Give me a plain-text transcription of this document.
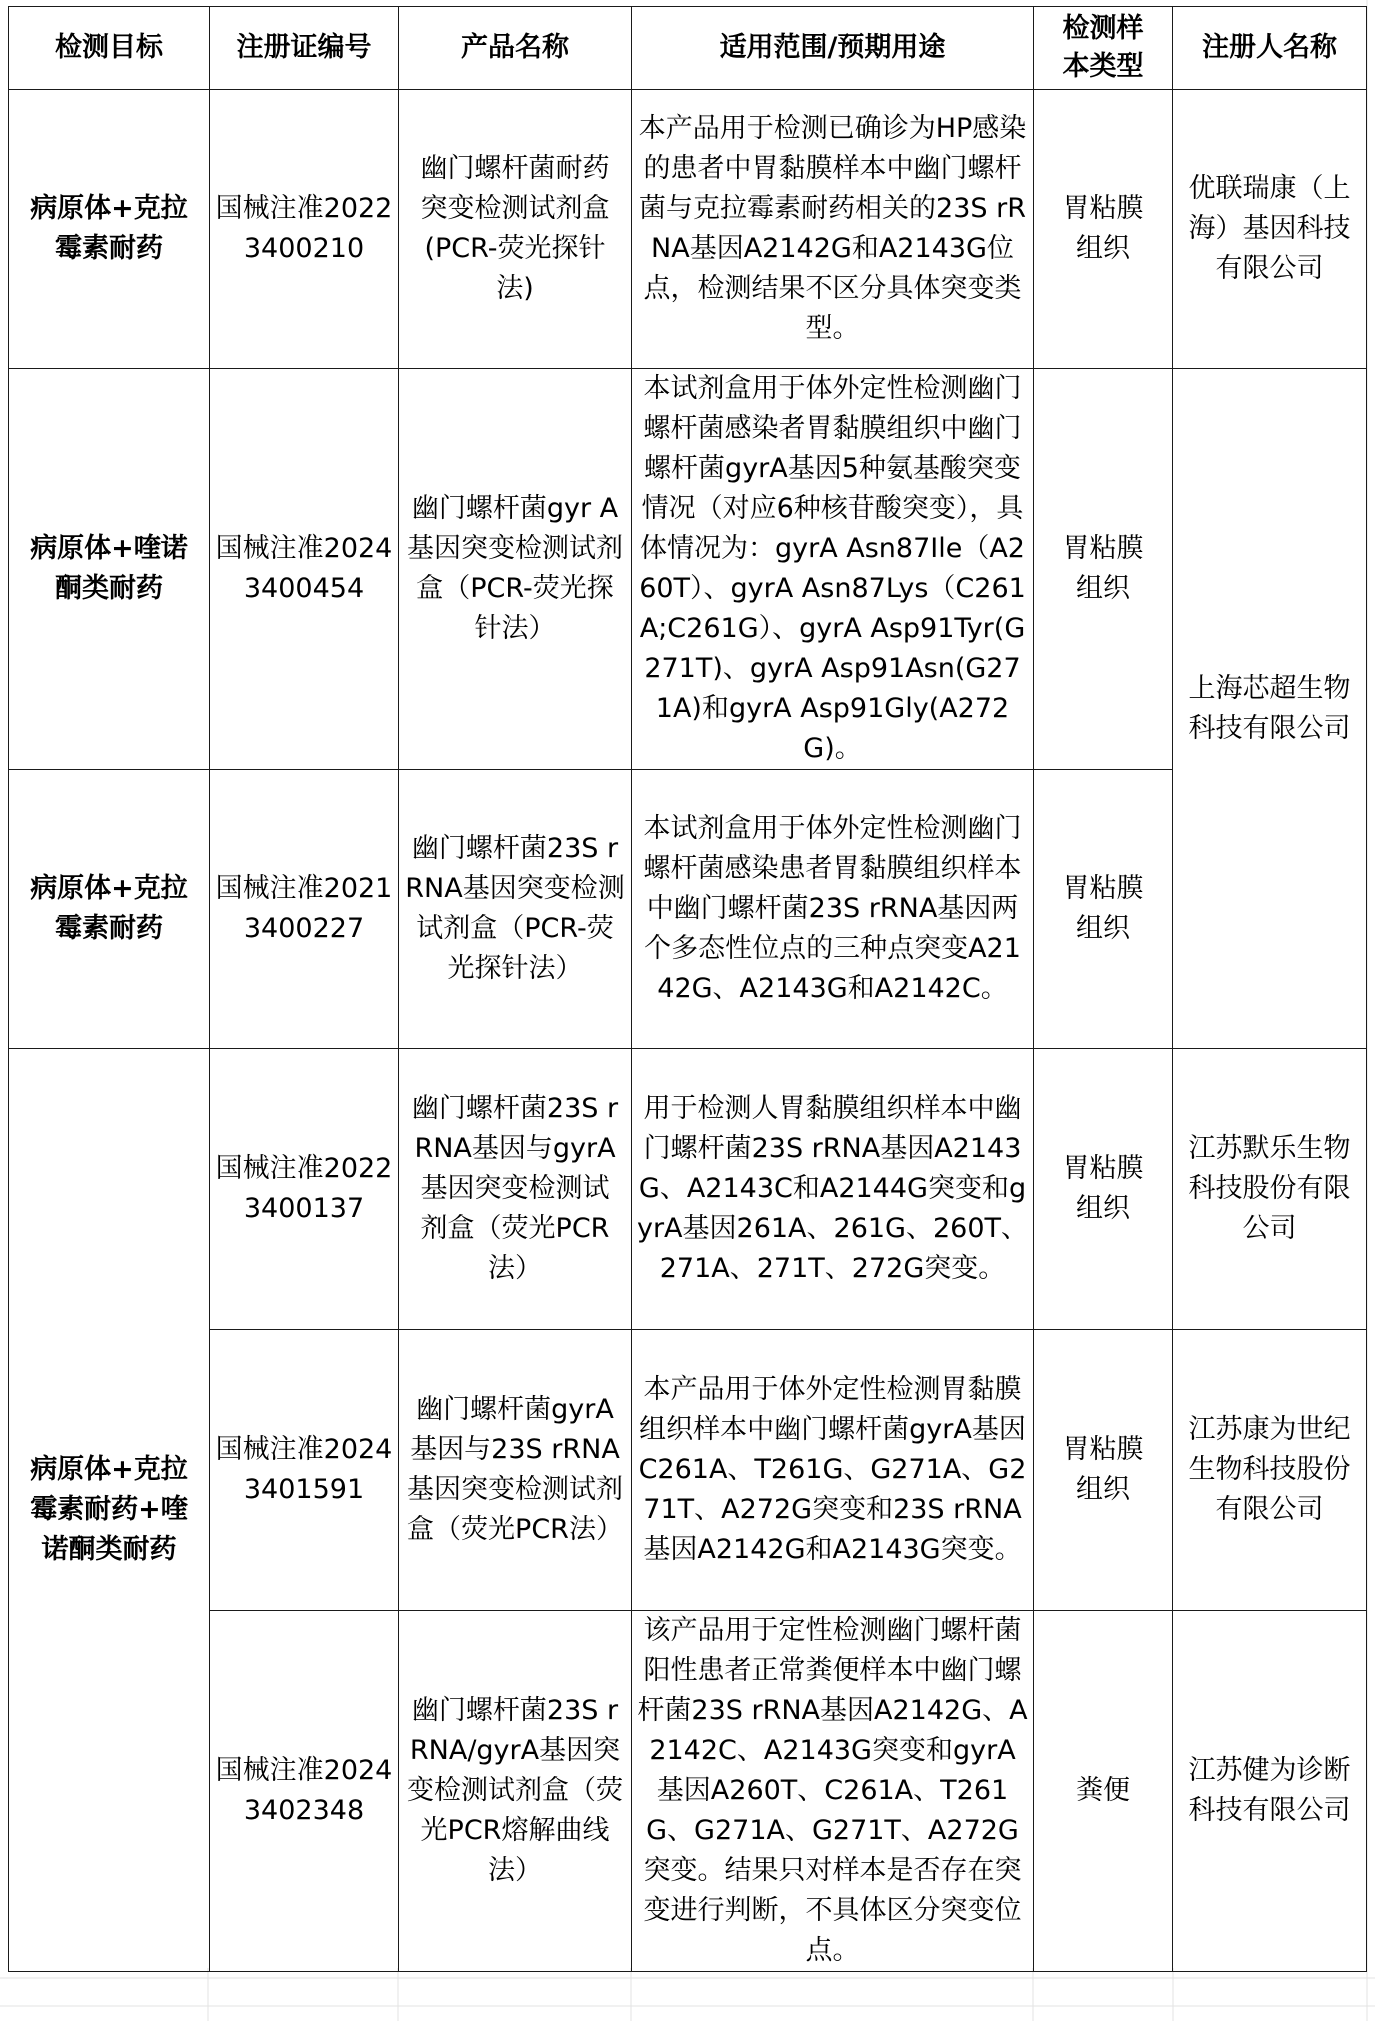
检测目标	注册证编号	产品名称	适用范围/预期用途	检测样本类型	注册人名称
病原体+克拉霉素耐药	国械注准20223400210	幽门螺杆菌耐药突变检测试剂盒(PCR-荧光探针法)	本产品用于检测已确诊为HP感染的患者中胃黏膜样本中幽门螺杆菌与克拉霉素耐药相关的23S rRNA基因A2142G和A2143G位点，检测结果不区分具体突变类型。	胃粘膜组织	优联瑞康（上海）基因科技有限公司
病原体+喹诺酮类耐药	国械注准20243400454	幽门螺杆菌gyr A基因突变检测试剂盒（PCR-荧光探针法）	本试剂盒用于体外定性检测幽门螺杆菌感染者胃黏膜组织中幽门螺杆菌gyrA基因5种氨基酸突变情况（对应6种核苷酸突变），具体情况为：gyrA Asn87Ile（A260T）、gyrA Asn87Lys（C261A;C261G）、gyrA Asp91Tyr(G271T)、gyrA Asp91Asn(G271A)和gyrA Asp91Gly(A272G)。	胃粘膜组织	上海芯超生物科技有限公司
病原体+克拉霉素耐药	国械注准20213400227	幽门螺杆菌23S rRNA基因突变检测试剂盒（PCR-荧光探针法）	本试剂盒用于体外定性检测幽门螺杆菌感染患者胃黏膜组织样本中幽门螺杆菌23S rRNA基因两个多态性位点的三种点突变A2142G、A2143G和A2142C。	胃粘膜组织	
病原体+克拉霉素耐药+喹诺酮类耐药	国械注准20223400137	幽门螺杆菌23S rRNA基因与gyrA基因突变检测试剂盒（荧光PCR法）	用于检测人胃黏膜组织样本中幽门螺杆菌23S rRNA基因A2143G、A2143C和A2144G突变和gyrA基因261A、261G、260T、271A、271T、272G突变。	胃粘膜组织	江苏默乐生物科技股份有限公司
	国械注准20243401591	幽门螺杆菌gyrA基因与23S rRNA基因突变检测试剂盒（荧光PCR法）	本产品用于体外定性检测胃黏膜组织样本中幽门螺杆菌gyrA基因C261A、T261G、G271A、G271T、A272G突变和23S rRNA基因A2142G和A2143G突变。	胃粘膜组织	江苏康为世纪生物科技股份有限公司
	国械注准20243402348	幽门螺杆菌23S rRNA/gyrA基因突变检测试剂盒（荧光PCR熔解曲线法）	该产品用于定性检测幽门螺杆菌阳性患者正常粪便样本中幽门螺杆菌23S rRNA基因A2142G、A2142C、A2143G突变和gyrA基因A260T、C261A、T261G、G271A、G271T、A272G突变。结果只对样本是否存在突变进行判断，不具体区分突变位点。	粪便	江苏健为诊断科技有限公司
